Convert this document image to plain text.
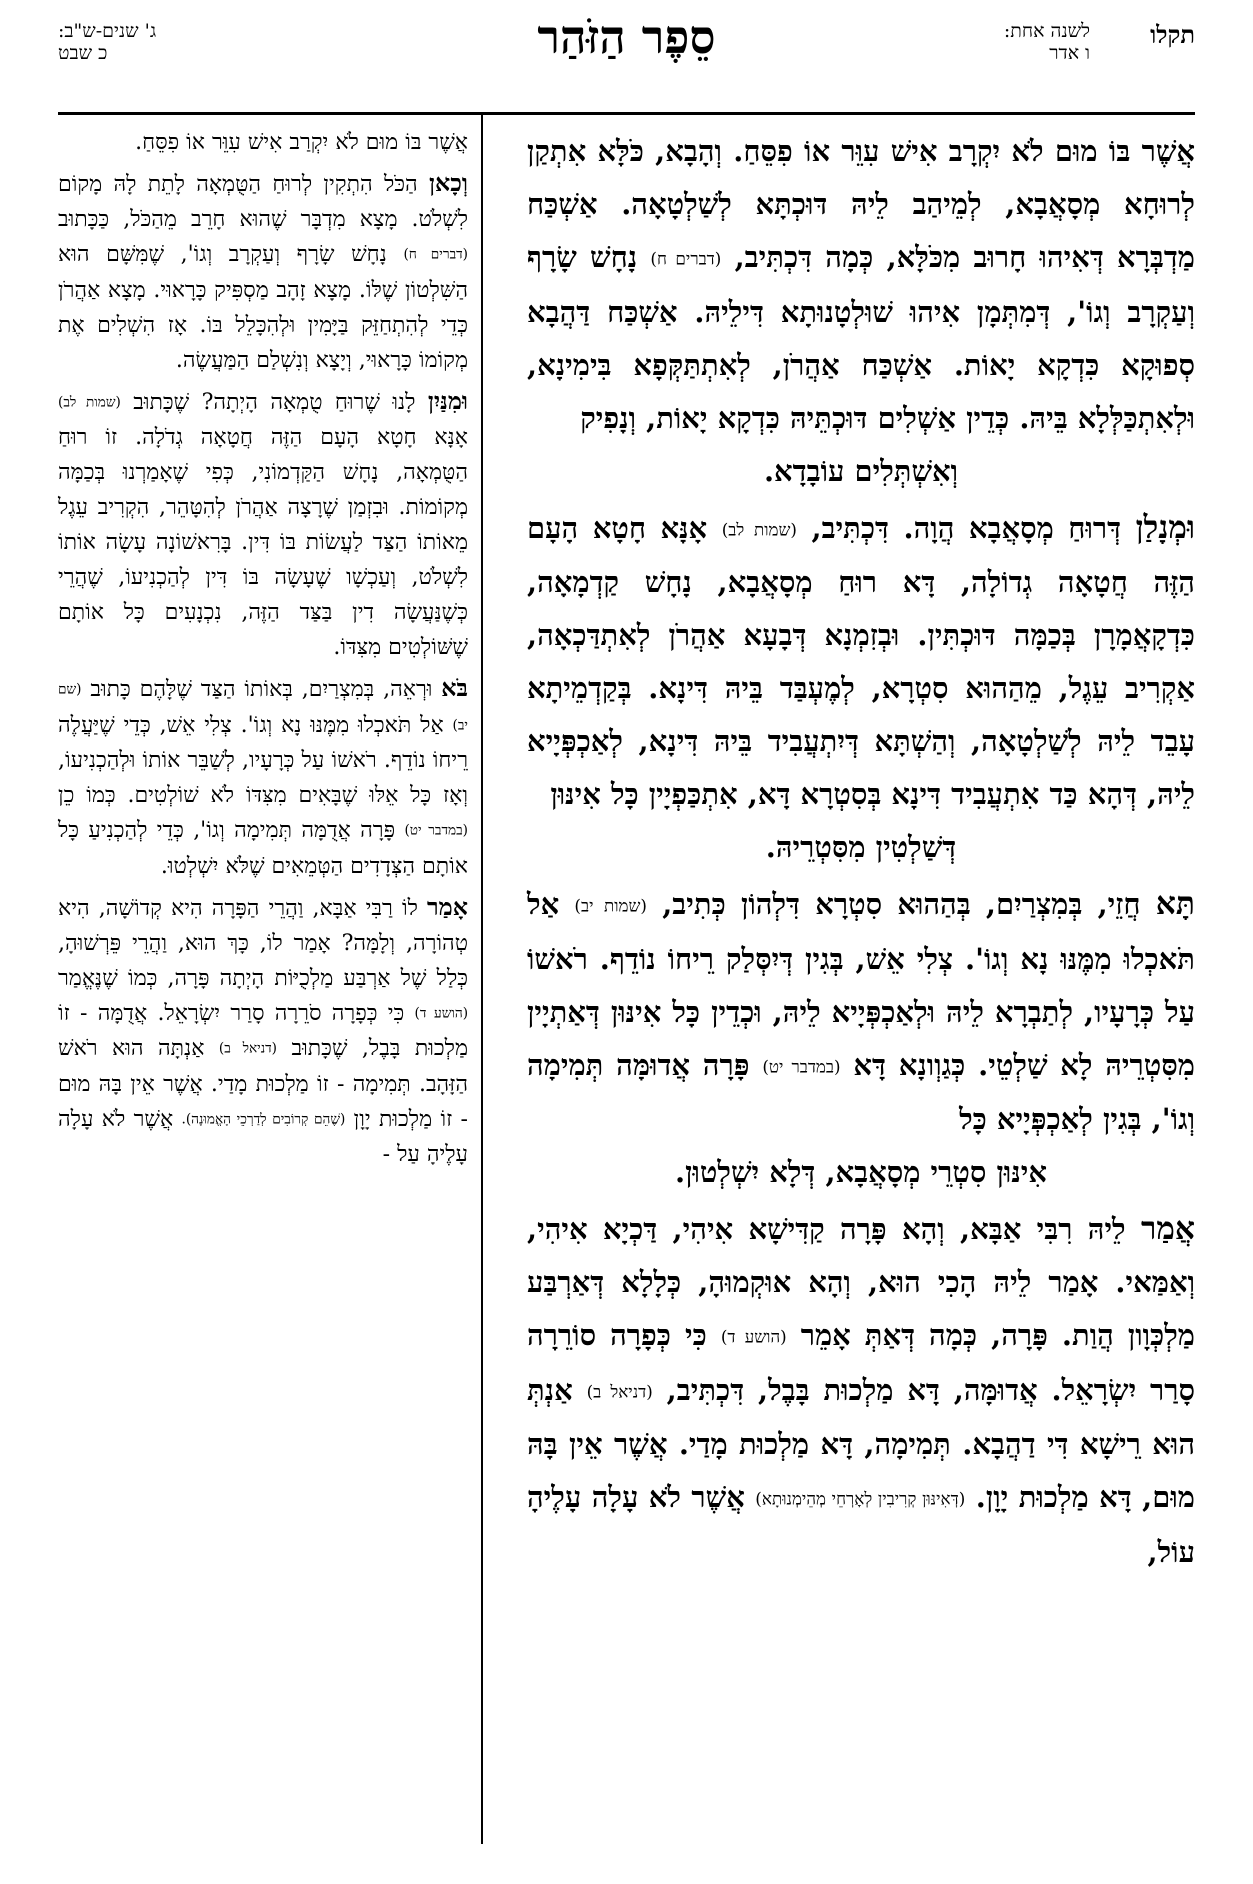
תקלו
לשנה אחת:
ו אדר
סֵפֶר הַזֹּהַר
ג' שנים-ש"ב:
כ שבט

אֲשֶׁר בּוֹ מוּם לֹא יִקְרָב אִישׁ עִוֵּר אוֹ פִסֵּחַ. וְהָבָא, כֹּלָּא אִתְקַן לְרוּחָא מְסָאֲבָא, לְמֵיהַב לֵיהּ דּוּכְתָּא לְשַׁלְטָאָה. אַשְׁכַּח מַדְבְּרָא דְּאִיהוּ חָרוּב מִכֹּלָּא, כְּמָה דִּכְתִּיב, (דברים ח) נָחָשׁ שָׂרָף וְעַקְרָב וְגוֹ', דְּמִתְּמָן אִיהוּ שׁוּלְטָנוּתָא דִּילֵיהּ. אַשְׁכַּח דַּהֲבָא סְפוּקָא כִּדְקָא יָאוֹת. אַשְׁכַּח אַהֲרֹן, לְאִתְתַּקְּפָא בִּימִינָא, וּלְאִתְכַּלְּלָא בֵּיהּ. כְּדֵין אַשְׁלִים דּוּכְתֵּיהּ כִּדְקָא יָאוֹת, וְנָפִיק
וְאִשְׁתְּלִים עוֹבָדָא.

וּמְנָלַן דְּרוּחַ מְסָאֲבָא הֲוָה. דִּכְתִּיב, (שמות לב) אָנָּא חָטָא הָעָם הַזֶּה חֲטָאָה גְדוֹלָה, דָּא רוּחַ מְסָאֲבָא, נָחָשׁ קַדְמָאָה, כִּדְקָאֲמָרָן בְּכַמָּה דּוּכְתִּין. וּבְזִמְנָא דְּבָעָא אַהֲרֹן לְאִתְדַּכְאָה, אַקְרִיב עֵגֶל, מֵהַהוּא סִטְרָא, לְמֶעְבַּד בֵּיהּ דִּינָא. בְּקַדְמֵיתָא עָבֵד לֵיהּ לְשַׁלְטָאָה, וְהַשְׁתָּא דְּיִתְעֲבִיד בֵּיהּ דִּינָא, לְאַכְפְּיָיא לֵיהּ, דְּהָא כַּד אִתְעֲבִיד דִּינָא בְּסִטְרָא דָּא, אִתְכַּפְיָין כָּל אִינּוּן
דְּשַׁלְטִין מִסִּטְרֵיהּ.

תָּא חֲזֵי, בְּמִצְרַיִם, בְּהַהוּא סִטְרָא דִּלְהוֹן כְּתִיב, (שמות יב) אַל תֹּאכְלוּ מִמֶּנּוּ נָא וְגוֹ'. צְלִי אֵשׁ, בְּגִין דְּיִסְּלַק רֵיחוֹ נוֹדֵף. רֹאשׁוֹ עַל כְּרָעָיו, לְתַבְרָא לֵיהּ וּלְאַכְפְּיָיא לֵיהּ, וּכְדֵין כָּל אִינּוּן דְּאַתְיָין מִסִּטְרֵיהּ לָא שַׁלְטֵי. כְּגַוְונָא דָּא (במדבר יט) פָּרָה אֲדוּמָּה תְּמִימָה וְגוֹ', בְּגִין לְאַכְפְּיָיא כָּל
אִינּוּן סִטְרֵי מְסָאֲבָא, דְּלָא יִשְׁלְטוּן.

אֲמַר לֵיהּ רִבִּי אַבָּא, וְהָא פָּרָה קַדִּישָׁא אִיהִי, דַּכְיָא אִיהִי, וְאַמַּאי. אָמַר לֵיהּ הָכִי הוּא, וְהָא אוּקְמוּהָ, כְּלָלָא דְּאַרְבַּע מַלְכְּוָון הֲוַת. פָּרָה, כְּמָה דְּאַתְּ אָמֵר (הושע ד) כִּי כְּפָרָה סוֹרֵרָה סָרַר יִשְׂרָאֵל. אֲדוּמָּה, דָּא מַלְכוּת בָּבֶל, דִּכְתִּיב, (דניאל ב) אַנְתְּ הוּא רֵישָׁא דִּי דַהֲבָא. תְּמִימָה, דָּא מַלְכוּת מָדַי. אֲשֶׁר אֵין בָּהּ מוּם, דָּא מַלְכוּת יָוָן. (דְּאִינּוּן קְרִיבִין לְאָרְחֵי מְהֵימְנוּתָא) אֲשֶׁר לֹא עָלָה עָלֶיהָ עוֹל,

אֲשֶׁר בּוֹ מוּם לֹא יִקְרַב אִישׁ עִוֵּר אוֹ פִסֵּחַ.

וְכָאן הַכֹּל הִתְקִין לְרוּחַ הַטֻּמְאָה לָתֵת לָהּ מָקוֹם לִשְׁלֹט. מָצָא מִדְבָּר שֶׁהוּא חָרֵב מֵהַכֹּל, כַּכָּתוּב (דברים ח) נָחָשׁ שָׂרָף וְעַקְרָב וְגוֹ', שֶׁמִּשָּׁם הוּא הַשִּׁלְטוֹן שֶׁלּוֹ. מָצָא זָהָב מַסְפִּיק כָּרָאוּי. מָצָא אַהֲרֹן כְּדֵי לְהִתְחַזֵּק בַּיָּמִין וּלְהִכָּלֵל בּוֹ. אָז הִשְׁלִים אֶת מְקוֹמוֹ כָּרָאוּי, וְיָצָא וְנִשְׁלַם הַמַּעֲשֶׂה.

וּמִנַּיִן לָנוּ שֶׁרוּחַ טֻמְאָה הָיְתָה? שֶׁכָּתוּב (שמות לב) אָנָּא חָטָא הָעָם הַזֶּה חֲטָאָה גְדֹלָה. זוֹ רוּחַ הַטֻּמְאָה, נָחָשׁ הַקַּדְמוֹנִי, כְּפִי שֶׁאָמַרְנוּ בְּכַמָּה מְקוֹמוֹת. וּבִזְמַן שֶׁרָצָה אַהֲרֹן לְהִטָּהֵר, הִקְרִיב עֵגֶל מֵאוֹתוֹ הַצַּד לַעֲשׂוֹת בּוֹ דִּין. בָּרִאשׁוֹנָה עָשָׂה אוֹתוֹ לִשְׁלֹט, וְעַכְשָׁו שֶׁעָשָׂה בּוֹ דִּין לְהַכְנִיעוֹ, שֶׁהֲרֵי כְּשֶׁנַּעֲשָׂה דִין בַּצַּד הַזֶּה, נִכְנָעִים כָּל אוֹתָם שֶׁשּׁוֹלְטִים מִצִּדּוֹ.

בֹּא וּרְאֵה, בְּמִצְרַיִם, בְּאוֹתוֹ הַצַּד שֶׁלָּהֶם כָּתוּב (שם יב) אַל תֹּאכְלוּ מִמֶּנּוּ נָא וְגוֹ'. צְלִי אֵשׁ, כְּדֵי שֶׁיַּעֲלֶה רֵיחוֹ נוֹדֵף. רֹאשׁוֹ עַל כְּרָעָיו, לְשַׁבֵּר אוֹתוֹ וּלְהַכְנִיעוֹ, וְאָז כָּל אֵלּוּ שֶׁבָּאִים מִצִּדּוֹ לֹא שׁוֹלְטִים. כְּמוֹ כֵן (במדבר יט) פָּרָה אֲדֻמָּה תְּמִימָה וְגוֹ', כְּדֵי לְהַכְנִיעַ כָּל אוֹתָם הַצְּדָדִים הַטְּמֵאִים שֶׁלֹּא יִשְׁלְטוּ.

אָמַר לוֹ רַבִּי אַבָּא, וַהֲרֵי הַפָּרָה הִיא קְדוֹשָׁה, הִיא טְהוֹרָה, וְלָמָּה? אָמַר לוֹ, כָּךְ הוּא, וַהֲרֵי פֵּרְשׁוּהָ, כְּלַל שֶׁל אַרְבַּע מַלְכֻיּוֹת הָיְתָה פָּרָה, כְּמוֹ שֶׁנֶּאֱמַר (הושע ד) כִּי כְּפָרָה סֹרֵרָה סָרַר יִשְׂרָאֵל. אֲדֻמָּה - זוֹ מַלְכוּת בָּבֶל, שֶׁכָּתוּב (דניאל ב) אַנְתָּה הוּא רֹאשׁ הַזָּהָב. תְּמִימָה - זוֹ מַלְכוּת מָדַי. אֲשֶׁר אֵין בָּהּ מוּם - זוֹ מַלְכוּת יָוָן (שֶׁהֵם קְרוֹבִים לְדַרְכֵי הָאֱמוּנָה). אֲשֶׁר לֹא עָלָה עָלֶיהָ עַל -
